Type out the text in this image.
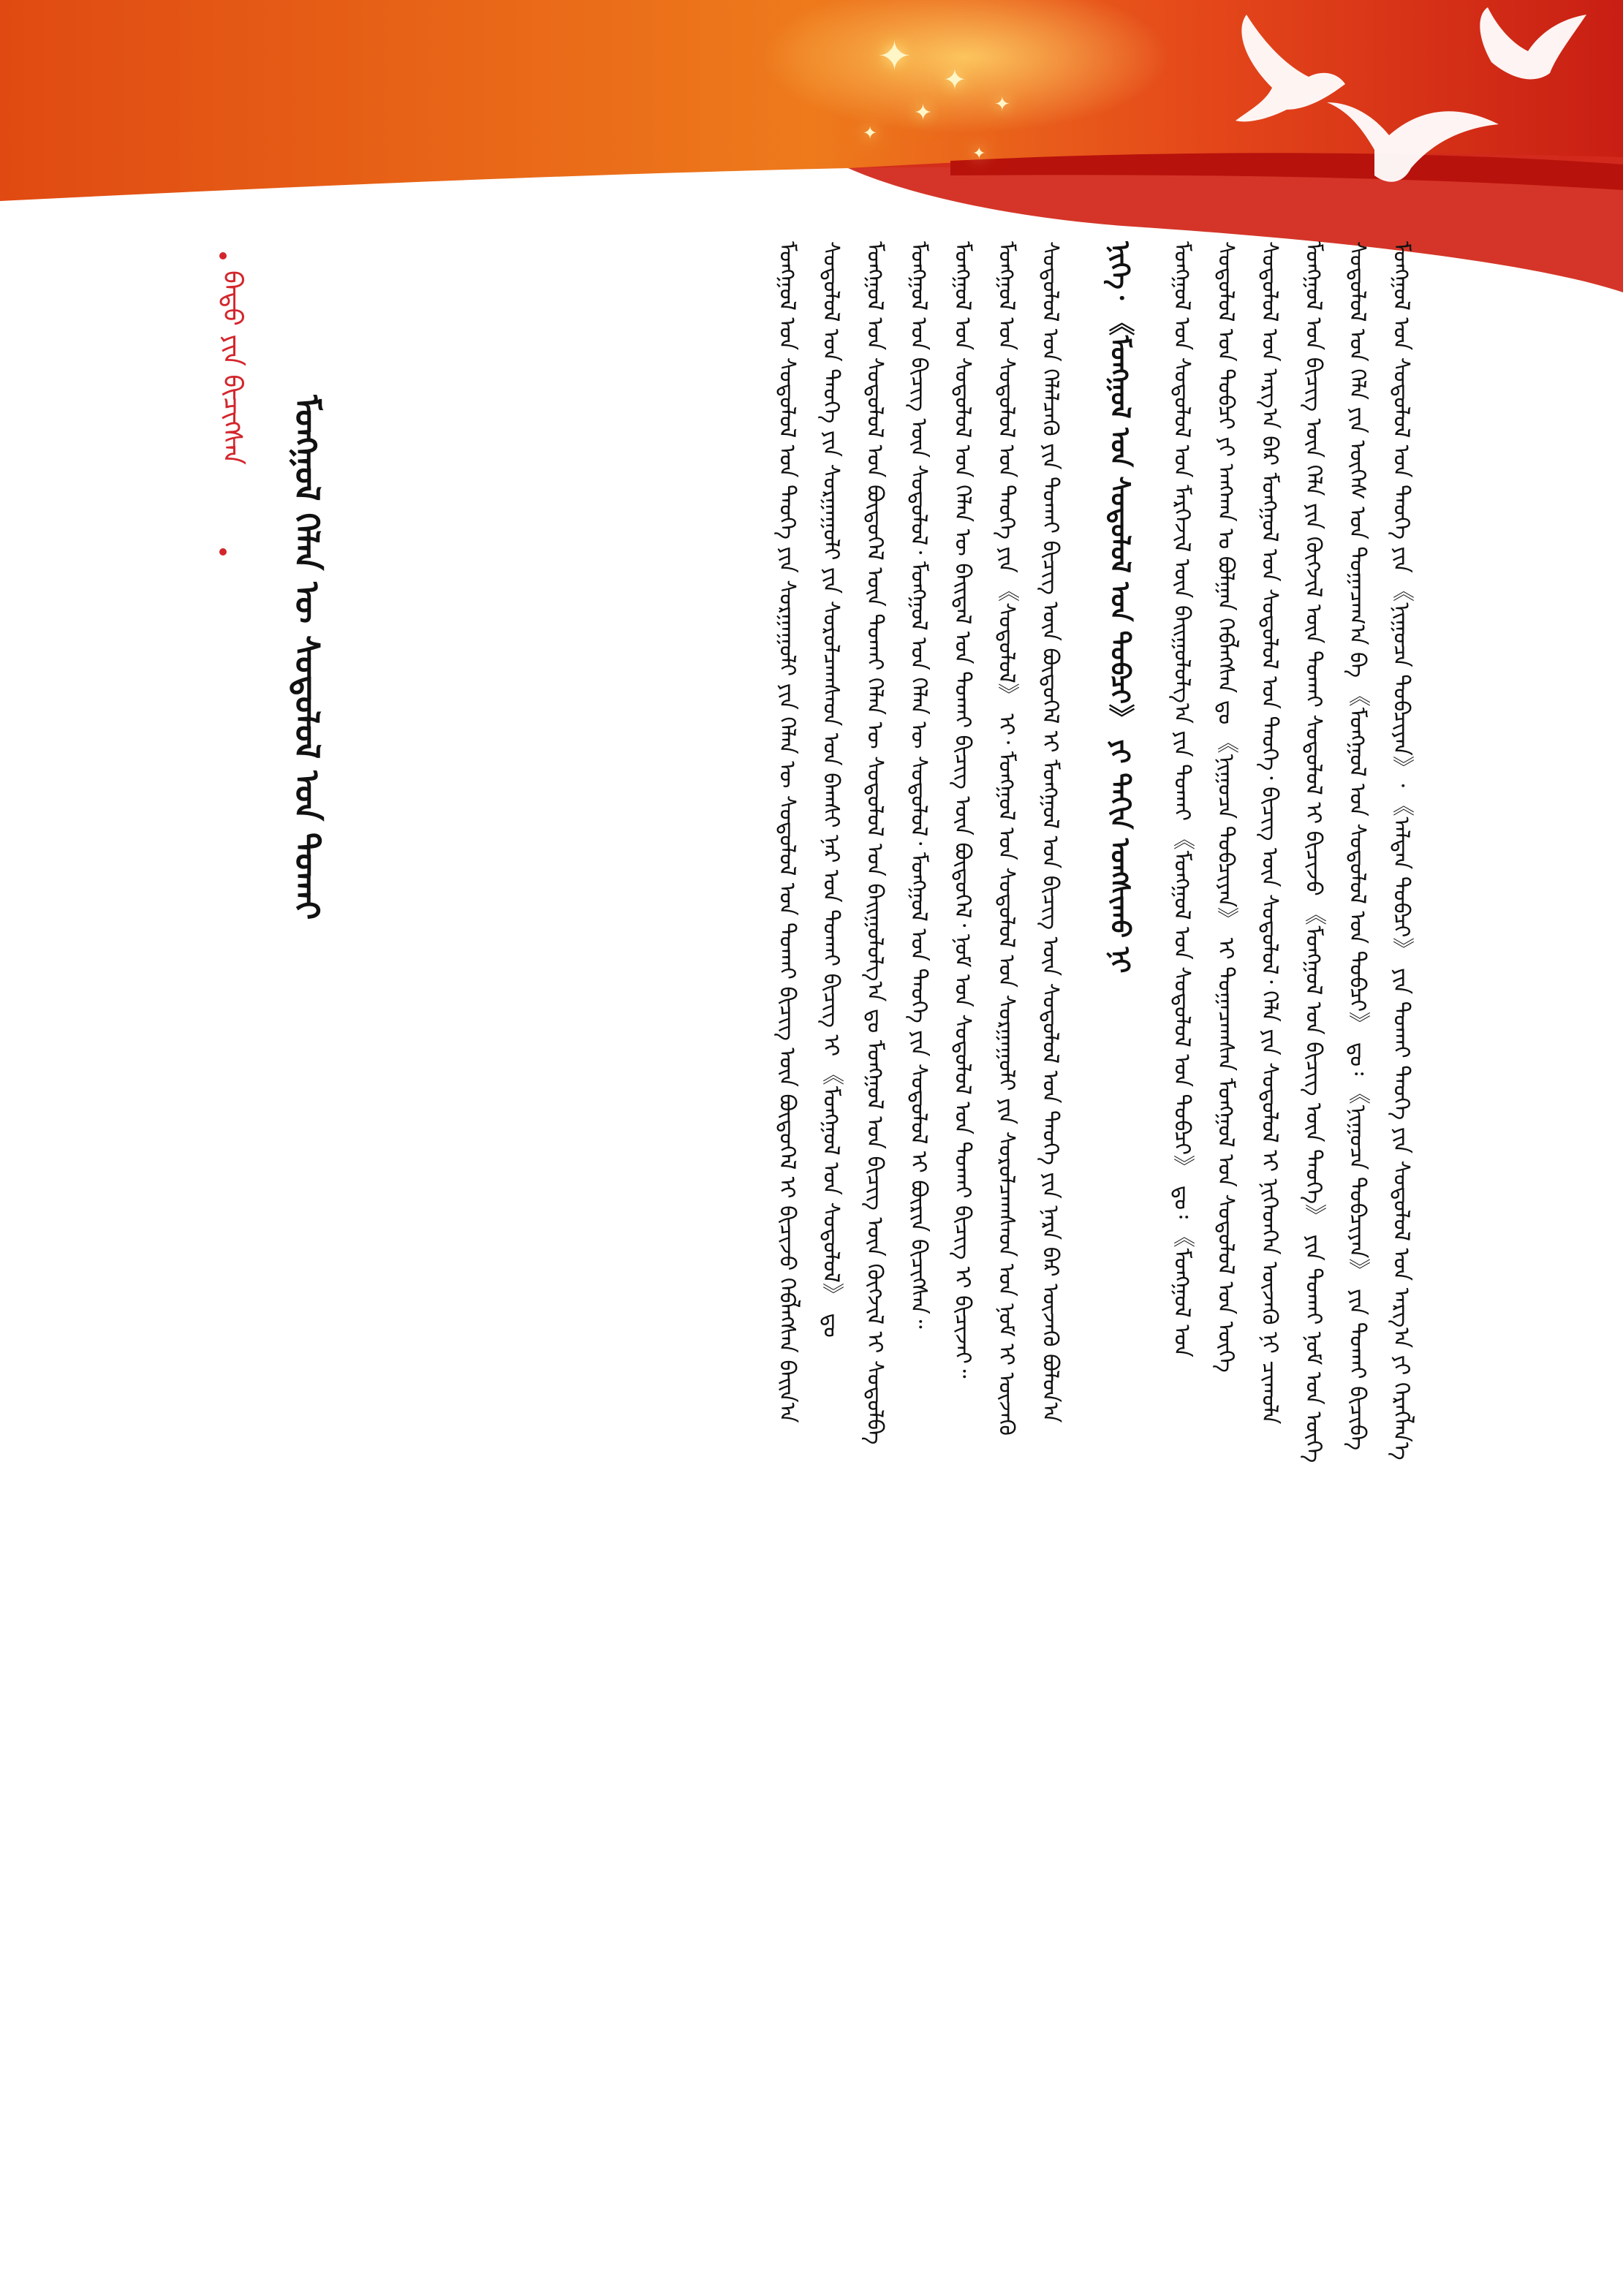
✦ ✦
✦	✦
✦
✦
ᠮᠣᠩᠭᠣᠯ ᠤᠨ ᠰᠤᠳᠤᠯᠤᠯ ᠤᠨ ᠲᠡᠦᠬᠡ ᠶᠢᠨ 《ᠨᠢᠭᠤᠴᠠ ᠲᠣᠪᠴᠢᠶᠠᠨ》᠂ 《ᠠᠯᠲᠠᠨ ᠲᠣᠪᠴᠢ》 ᠶᠢᠨ ᠲᠤᠬᠠᠢ ᠲᠡᠦᠬᠡ ᠶᠢᠨ ᠰᠤᠳᠤᠯᠤᠯ ᠤᠨ ᠠᠷᠭ᠎ᠠ ᠶᠢ ᠬᠡᠷᠡᠭᠯᠡᠨ᠎ᠡ
ᠰᠤᠳᠤᠯᠤᠯ ᠤᠨ ᠬᠡᠯᠡ ᠶᠢᠨ ᠦᠭᠡᠰ ᠤᠨ ᠲᠣᠭᠠᠴᠠᠭ᠎ᠠ ᠪᠠ 《ᠮᠣᠩᠭᠣᠯ ᠤᠨ ᠰᠤᠳᠤᠯᠤᠯ ᠤᠨ ᠲᠣᠪᠴᠢ》 ᠳᠤ᠄ 《ᠨᠢᠭᠤᠴᠠ ᠲᠣᠪᠴᠢᠶᠠᠨ》 ᠶᠢᠨ ᠲᠤᠬᠠᠢ ᠪᠢᠴᠢᠪᠡ
ᠮᠣᠩᠭᠣᠯ ᠤᠨ ᠪᠢᠴᠢᠭ ᠦᠨ ᠬᠡᠯᠡ ᠶᠢᠨ ᠬᠦᠭᠵᠢᠯ ᠦᠨ ᠲᠤᠬᠠᠢ ᠰᠤᠳᠤᠯᠤᠯ ᠢ ᠪᠢᠴᠢᠵᠦ 《ᠮᠣᠩᠭᠣᠯ ᠤᠨ ᠪᠢᠴᠢᠭ ᠦᠨ ᠲᠡᠦᠬᠡ》 ᠶᠢᠨ ᠲᠤᠬᠠᠢ ᠨᠣᠮ ᠤᠨ ᠦᠭᠡ
ᠰᠤᠳᠤᠯᠤᠯ ᠤᠨ ᠠᠷᠭ᠎ᠠ ᠪᠠᠷ ᠮᠣᠩᠭᠣᠯ ᠤᠨ ᠰᠤᠳᠤᠯᠤᠯ ᠤᠨ ᠲᠡᠦᠬᠡ᠂ ᠪᠢᠴᠢᠭ ᠦᠨ ᠰᠤᠳᠤᠯᠤᠯ᠂ ᠬᠡᠯᠡ ᠶᠢᠨ ᠰᠤᠳᠤᠯᠤᠯ ᠢ ᠨᠢᠭᠡᠳᠬᠡᠨ ᠦᠵᠡᠬᠦ ᠨᠢ ᠴᠢᠬᠤᠯᠠ
ᠰᠤᠳᠤᠯᠤᠯ ᠤᠨ ᠲᠣᠪᠴᠢ ᠶᠢ ᠠᠩᠬᠠᠨ ᠤ ᠪᠣᠯᠭᠠᠨ ᠬᠡᠪᠯᠡᠭᠰᠡᠨ ᠳᠤ 《ᠨᠢᠭᠤᠴᠠ ᠲᠣᠪᠴᠢᠶᠠᠨ》 ᠢ ᠲᠣᠭᠠᠴᠠᠭᠰᠠᠨ ᠮᠣᠩᠭᠣᠯ ᠤᠨ ᠰᠤᠳᠤᠯᠤᠯ ᠤᠨ ᠦᠭᠡ
ᠮᠣᠩᠭᠣᠯ ᠤᠨ ᠰᠤᠳᠤᠯᠤᠯ ᠤᠨ ᠮᠡᠷᠭᠡᠵᠢᠯ ᠦᠨ ᠪᠠᠢᠭᠤᠯᠤᠯᠭ᠎ᠠ ᠶᠢᠨ ᠲᠤᠬᠠᠢ 《ᠮᠣᠩᠭᠣᠯ ᠤᠨ ᠰᠤᠳᠤᠯᠤᠯ ᠤᠨ ᠲᠣᠪᠴᠢ》 ᠳᠤ᠄ 《ᠮᠣᠩᠭᠣᠯ ᠤᠨ
ᠨᠢᠭᠡ᠂ 《ᠮᠣᠩᠭᠣᠯ ᠤᠨ ᠰᠤᠳᠤᠯᠤᠯ ᠤᠨ ᠲᠣᠪᠴᠢ》 ᠶᠢ ᠳᠠᠬᠢᠨ ᠤᠩᠰᠢᠬᠤ ᠨᠢ
ᠰᠤᠳᠤᠯᠤᠯ ᠤᠨ ᠬᠡᠯᠡᠯᠴᠡᠬᠦ ᠶᠢᠨ ᠲᠤᠬᠠᠢ ᠪᠢᠴᠢᠭ ᠦᠨ ᠪᠦᠲᠦᠭᠡᠯ ᠢ ᠮᠣᠩᠭᠣᠯ ᠤᠨ ᠪᠢᠴᠢᠭ ᠦᠨ ᠰᠤᠳᠤᠯᠤᠯ ᠤᠨ ᠲᠡᠦᠬᠡ ᠶᠢᠨ ᠨᠡᠷᠡ ᠪᠡᠷ ᠦᠵᠡᠬᠦ ᠪᠣᠯᠤᠨ᠎ᠠ
ᠮᠣᠩᠭᠣᠯ ᠤᠨ ᠰᠤᠳᠤᠯᠤᠯ ᠤᠨ ᠲᠡᠦᠬᠡ ᠶᠢᠨ 《ᠰᠤᠳᠤᠯᠤᠯ》 ᠢ᠂ ᠮᠣᠩᠭᠣᠯ ᠤᠨ ᠰᠤᠳᠤᠯᠤᠯ ᠤᠨ ᠰᠤᠷᠭᠠᠭᠤᠯᠢ ᠶᠢᠨ ᠰᠤᠷᠤᠯᠴᠠᠭᠰᠠᠳ ᠤᠨ ᠨᠣᠮ ᠢ ᠦᠵᠡᠬᠦ
ᠮᠣᠩᠭᠣᠯ ᠤᠨ ᠰᠤᠳᠤᠯᠤᠯ ᠤᠨ ᠬᠡᠯᠡᠨ ᠦ ᠪᠠᠢᠳᠠᠯ ᠤᠨ ᠲᠤᠬᠠᠢ ᠪᠢᠴᠢᠭ ᠦᠨ ᠪᠦᠲᠦᠭᠡᠯ᠂ ᠨᠣᠮ ᠤᠨ ᠰᠤᠳᠤᠯᠤᠯ ᠤᠨ ᠲᠤᠬᠠᠢ ᠪᠢᠴᠢᠭ ᠢ ᠪᠢᠴᠢᠵᠡᠢ᠃
ᠮᠣᠩᠭᠣᠯ ᠤᠨ ᠪᠢᠴᠢᠭ ᠦᠨ ᠰᠤᠳᠤᠯᠤᠯ᠂ ᠮᠣᠩᠭᠣᠯ ᠤᠨ ᠬᠡᠯᠡᠨ ᠦ ᠰᠤᠳᠤᠯᠤᠯ᠂ ᠮᠣᠩᠭᠣᠯ ᠤᠨ ᠲᠡᠦᠬᠡ ᠶᠢᠨ ᠰᠤᠳᠤᠯᠤᠯ ᠢ ᠪᠦᠷᠢᠨ ᠪᠢᠴᠢᠭᠰᠡᠨ᠃
ᠮᠣᠩᠭᠣᠯ ᠤᠨ ᠰᠤᠳᠤᠯᠤᠯ ᠤᠨ ᠪᠦᠲᠦᠭᠡᠯ ᠦᠨ ᠲᠤᠬᠠᠢ ᠬᠡᠯᠡᠨ ᠦ ᠰᠤᠳᠤᠯᠤᠯ ᠤᠨ ᠪᠠᠢᠭᠤᠯᠤᠯᠭ᠎ᠠ ᠳᠤ ᠮᠣᠩᠭᠣᠯ ᠤᠨ ᠪᠢᠴᠢᠭ ᠦᠨ ᠬᠦᠭᠵᠢᠯ ᠢ ᠰᠤᠳᠤᠯᠪᠠ
ᠰᠤᠳᠤᠯᠤᠯ ᠤᠨ ᠲᠡᠦᠬᠡ ᠶᠢᠨ ᠰᠤᠷᠭᠠᠭᠤᠯᠢ ᠶᠢᠨ ᠰᠤᠷᠤᠯᠴᠠᠭᠰᠠᠳ ᠤᠨ ᠪᠠᠭᠰᠢ ᠨᠠᠷ ᠤᠨ ᠲᠤᠬᠠᠢ ᠪᠢᠴᠢᠭ ᠢ 《ᠮᠣᠩᠭᠣᠯ ᠤᠨ ᠰᠤᠳᠤᠯᠤᠯ》 ᠳᠤ
ᠮᠣᠩᠭᠣᠯ ᠤᠨ ᠰᠤᠳᠤᠯᠤᠯ ᠤᠨ ᠲᠡᠦᠬᠡ ᠶᠢᠨ ᠰᠤᠷᠭᠠᠭᠤᠯᠢ ᠶᠢᠨ ᠬᠡᠯᠡᠨ ᠦ ᠰᠤᠳᠤᠯᠤᠯ ᠤᠨ ᠲᠤᠬᠠᠢ ᠪᠢᠴᠢᠭ ᠦᠨ ᠪᠦᠲᠦᠭᠡᠯ ᠢ ᠪᠢᠴᠢᠵᠦ ᠬᠡᠪᠯᠡᠭᠰᠡᠨ ᠪᠠᠢᠨ᠎ᠠ
ᠮᠣᠩᠭᠣᠯ ᠬᠡᠯᠡᠨ ᠦ ᠰᠤᠳᠤᠯᠤᠯ ᠤᠨ ᠲᠤᠬᠠᠢ
ᠪᠠᠲᠤ ᠶᠢᠨ ᠪᠢᠴᠢᠭᠰᠡᠨ
